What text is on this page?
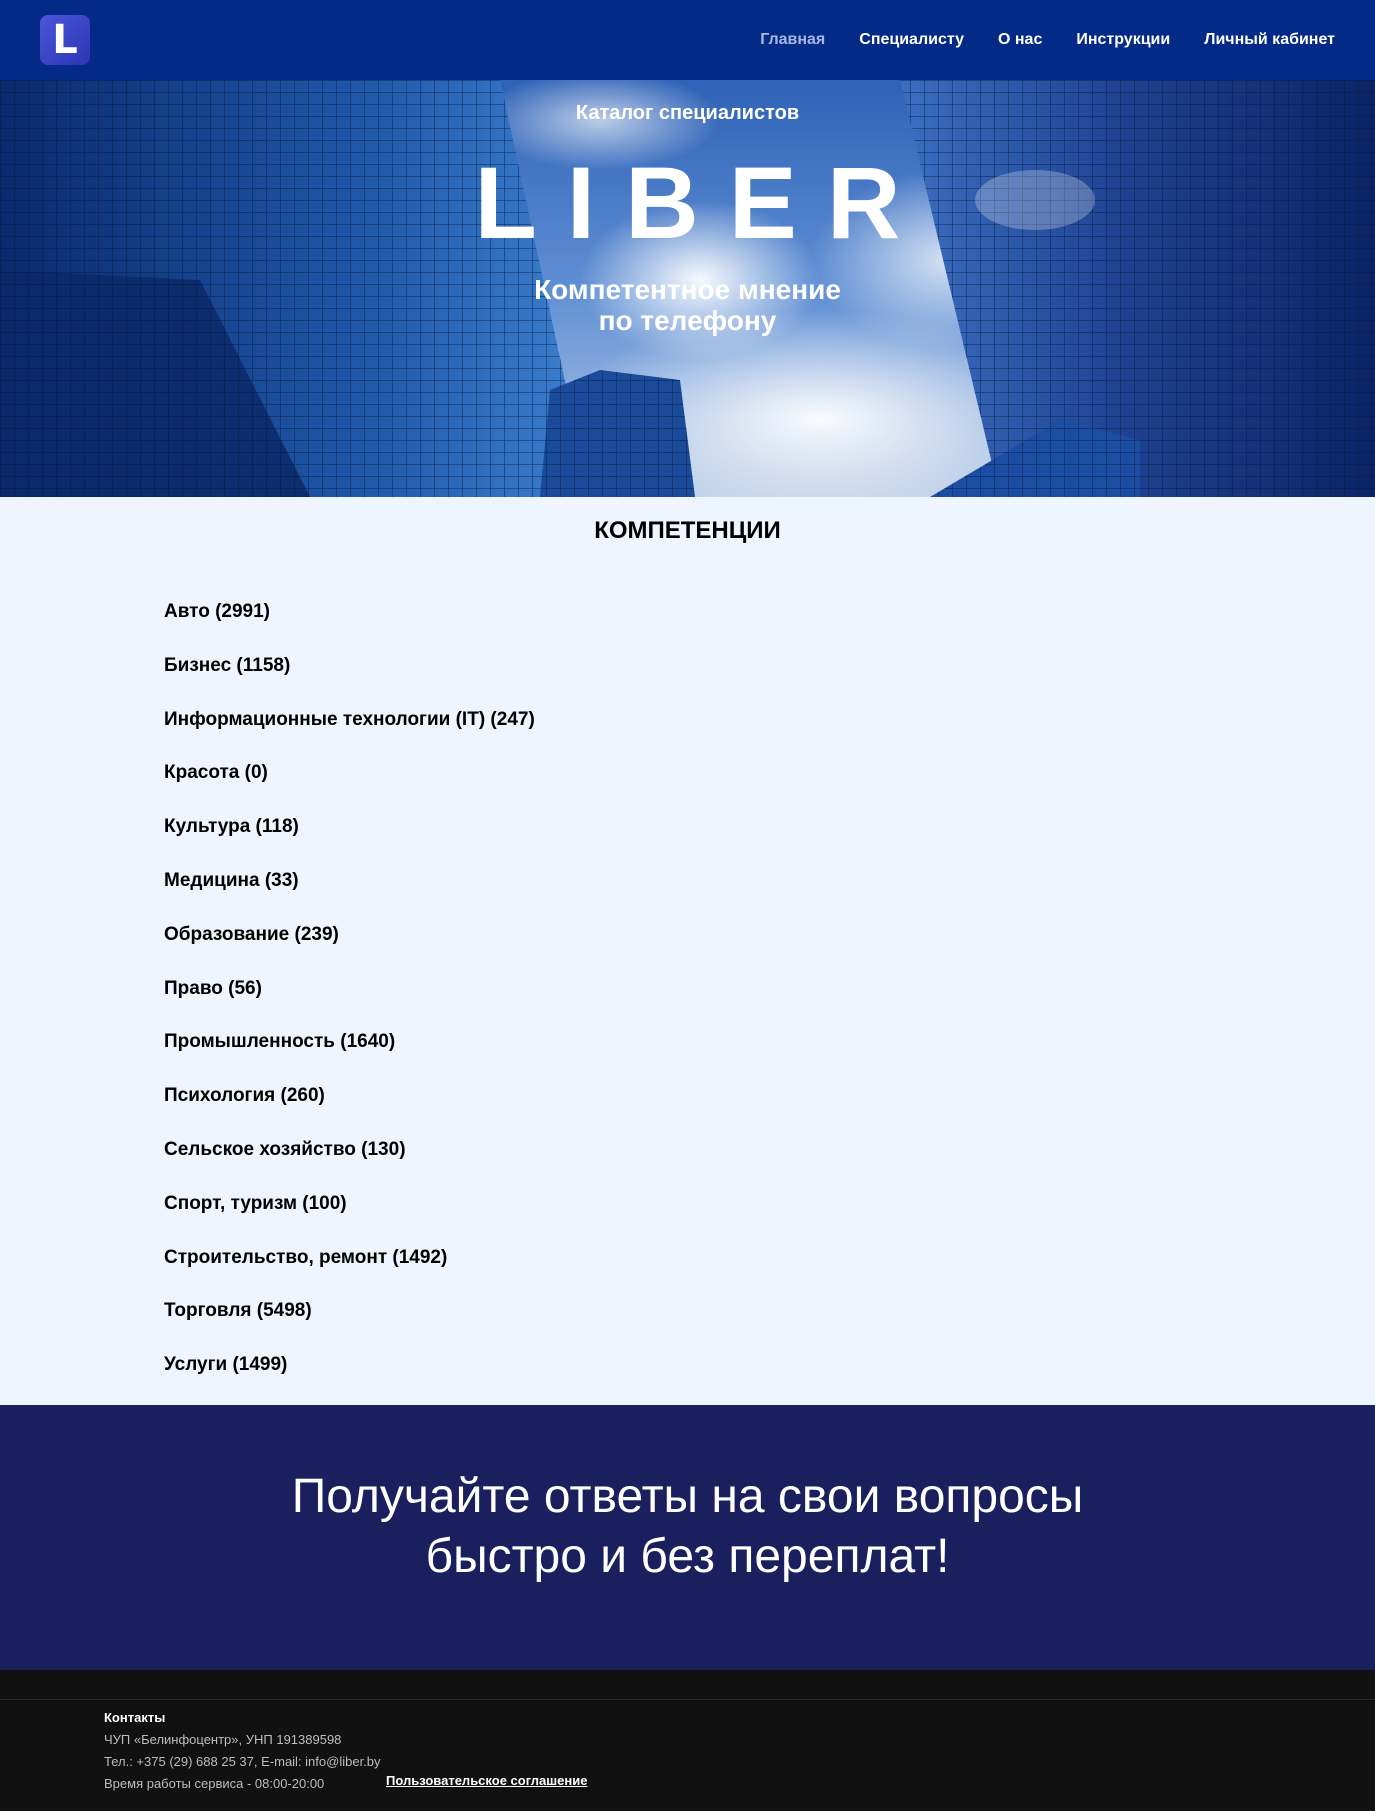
L	Главная Специалисту О нас Инструкции Личный кабинет
Каталог специалистов
LIBER
Компетентное мнение
по телефону
КОМПЕТЕНЦИИ
Авто (2991)
Бизнес (1158)
Информационные технологии (IT) (247)
Красота (0)
Культура (118)
Медицина (33)
Образование (239)
Право (56)
Промышленность (1640)
Психология (260)
Сельское хозяйство (130)
Спорт, туризм (100)
Строительство, ремонт (1492)
Торговля (5498)
Услуги (1499)
Получайте ответы на свои вопросы
быстро и без переплат!
Контакты
ЧУП «Белинфоцентр», УНП 191389598
Тел.: +375 (29) 688 25 37, E-mail: info@liber.by
Время работы сервиса - 08:00-20:00	Пользовательское соглашение
